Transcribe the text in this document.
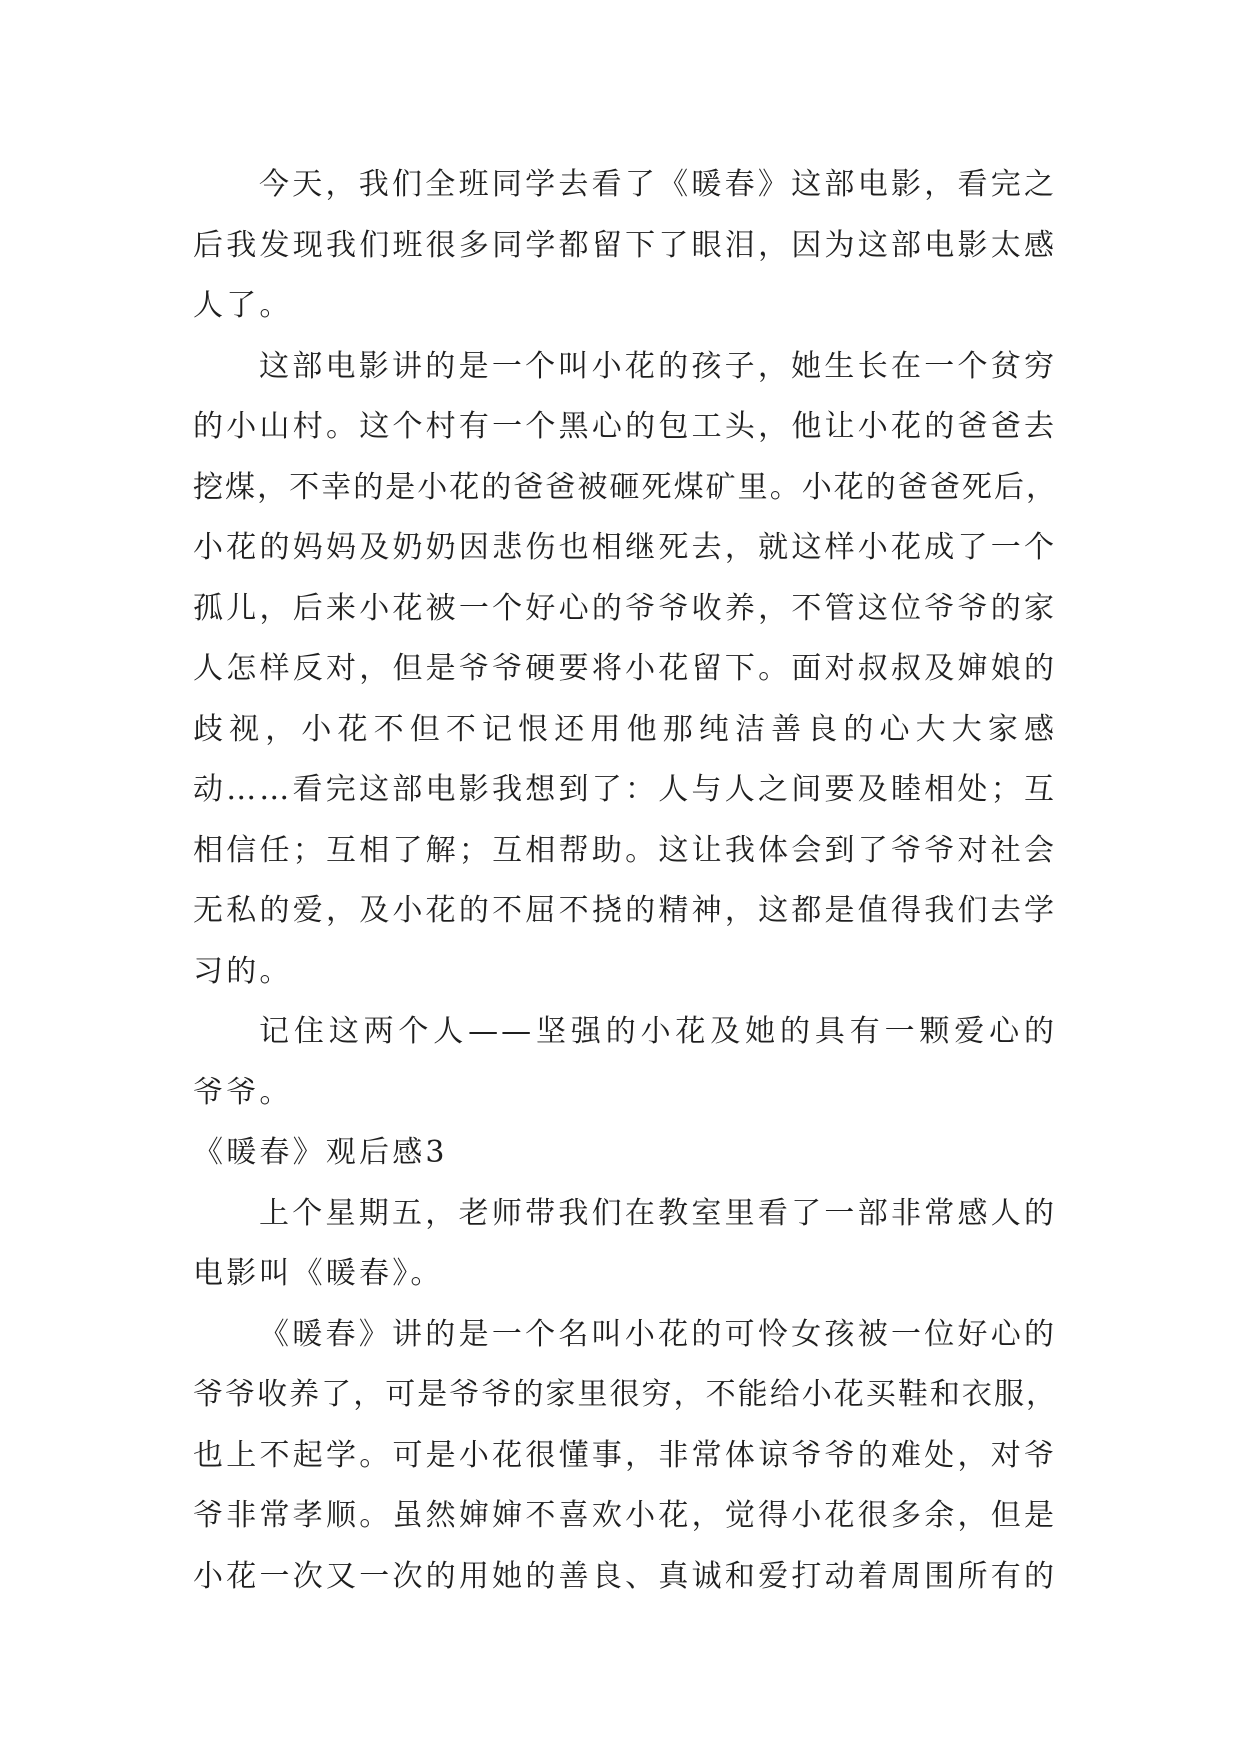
今天，我们全班同学去看了《暖春》这部电影，看完之
后我发现我们班很多同学都留下了眼泪，因为这部电影太感
人了。
这部电影讲的是一个叫小花的孩子，她生长在一个贫穷
的小山村。这个村有一个黑心的包工头，他让小花的爸爸去
挖煤，不幸的是小花的爸爸被砸死煤矿里。小花的爸爸死后，
小花的妈妈及奶奶因悲伤也相继死去，就这样小花成了一个
孤儿，后来小花被一个好心的爷爷收养，不管这位爷爷的家
人怎样反对，但是爷爷硬要将小花留下。面对叔叔及婶娘的
歧视，小花不但不记恨还用他那纯洁善良的心大大家感
动……看完这部电影我想到了：人与人之间要及睦相处；互
相信任；互相了解；互相帮助。这让我体会到了爷爷对社会
无私的爱，及小花的不屈不挠的精神，这都是值得我们去学
习的。
记住这两个人——坚强的小花及她的具有一颗爱心的
爷爷。
《暖春》观后感3
上个星期五，老师带我们在教室里看了一部非常感人的
电影叫《暖春》。
《暖春》讲的是一个名叫小花的可怜女孩被一位好心的
爷爷收养了，可是爷爷的家里很穷，不能给小花买鞋和衣服，
也上不起学。可是小花很懂事，非常体谅爷爷的难处，对爷
爷非常孝顺。虽然婶婶不喜欢小花，觉得小花很多余，但是
小花一次又一次的用她的善良、真诚和爱打动着周围所有的
